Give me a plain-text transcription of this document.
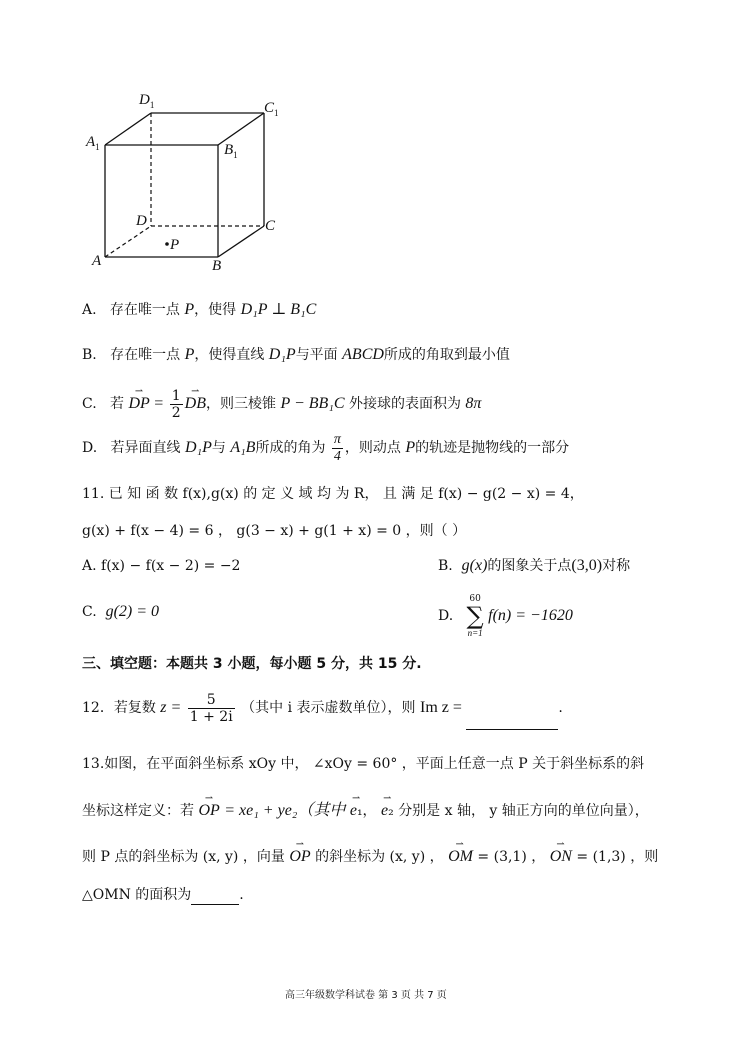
$D_1$	$C_1$
$A_1$	$B_1$
D	C
P
A	B
A. 存在唯一点 P，使得 D₁P ⊥ B₁C
B. 存在唯一点 P，使得直线 D₁P与平面 ABCD所成的角取到最小值
C. 若 ⇀ DP = $\frac{1}{2}$ ⇀ DB，则三棱锥 P − BB₁C 外接球的表面积为 8π
D. 若异面直线 D₁P与 A₁B所成的角为 $\frac{\pi}{4}$ ，则动点 P的轨迹是抛物线的一部分
11. 已 知 函 数 f(x),g(x) 的 定 义 域 均 为 R， 且 满 足 f(x) − g(2 − x) = 4，
g(x) + f(x − 4) = 6 ， g(3 − x) + g(1 + x) = 0 ，则（ ）
A. f(x) − f(x − 2) = −2	B. g(x)的图象关于点(3,0)对称
C. g(2) = 0	D.
60
∑
n=1
f(n) = −1620
三、填空题：本题共 3 小题，每小题 5 分，共 15 分.
12．若复数 $z = \frac{5}{1 + 2i}$ （其中 i 表示虚数单位），则 Im z =	.
13.如图，在平面斜坐标系 xOy 中， ∠xOy = 60° ，平面上任意一点 P 关于斜坐标系的斜
坐标这样定义：若 ⇀ OP = xe₁ + ye₂（其中 ⇀ e₁， ⇀ e₂ 分别是 x 轴， y 轴正方向的单位向量），
则 P 点的斜坐标为 (x, y) ，向量 ⇀ OP 的斜坐标为 (x, y) ， ⇀ OM = (3,1) ， ⇀ ON = (1,3) ，则
△OMN 的面积为	.
高三年级数学科试卷 第 3 页 共 7 页
